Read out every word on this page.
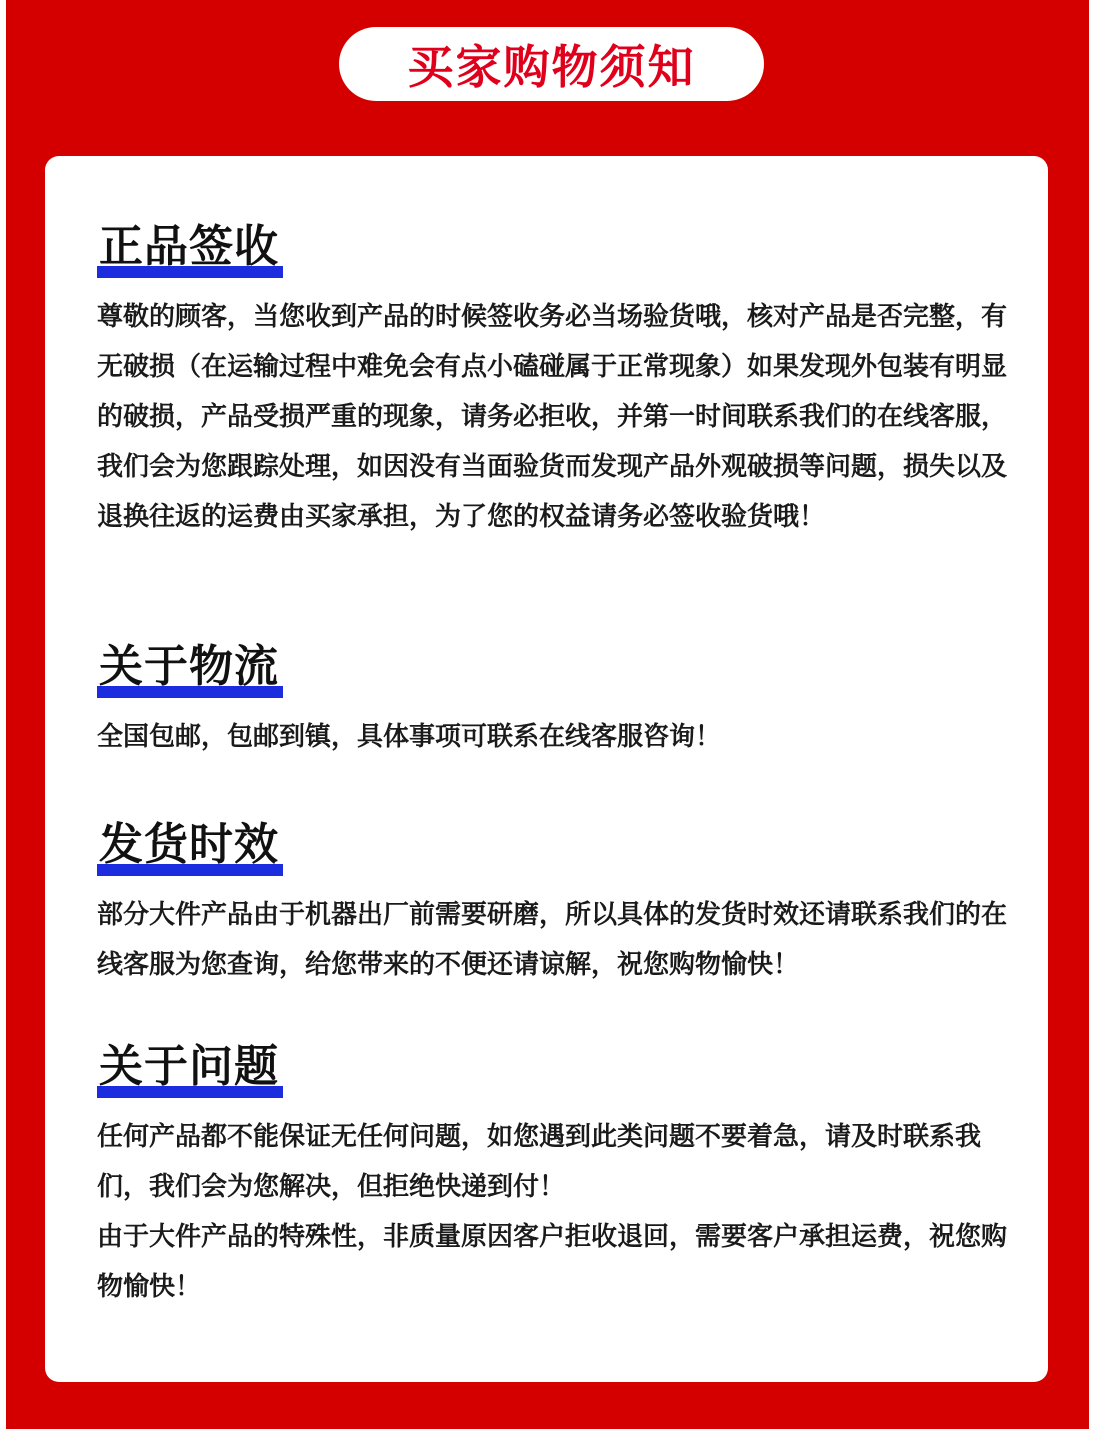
买家购物须知
正品签收

尊敬的顾客，当您收到产品的时候签收务必当场验货哦，核对产品是否完整，有无破损（在运输过程中难免会有点小磕碰属于正常现象）如果发现外包装有明显的破损，产品受损严重的现象，请务必拒收，并第一时间联系我们的在线客服，我们会为您跟踪处理，如因没有当面验货而发现产品外观破损等问题，损失以及退换往返的运费由买家承担，为了您的权益请务必签收验货哦！

关于物流

全国包邮，包邮到镇，具体事项可联系在线客服咨询！

发货时效

部分大件产品由于机器出厂前需要研磨，所以具体的发货时效还请联系我们的在线客服为您查询，给您带来的不便还请谅解，祝您购物愉快！

关于问题

任何产品都不能保证无任何问题，如您遇到此类问题不要着急，请及时联系我们，我们会为您解决，但拒绝快递到付！

由于大件产品的特殊性，非质量原因客户拒收退回，需要客户承担运费，祝您购物愉快！
